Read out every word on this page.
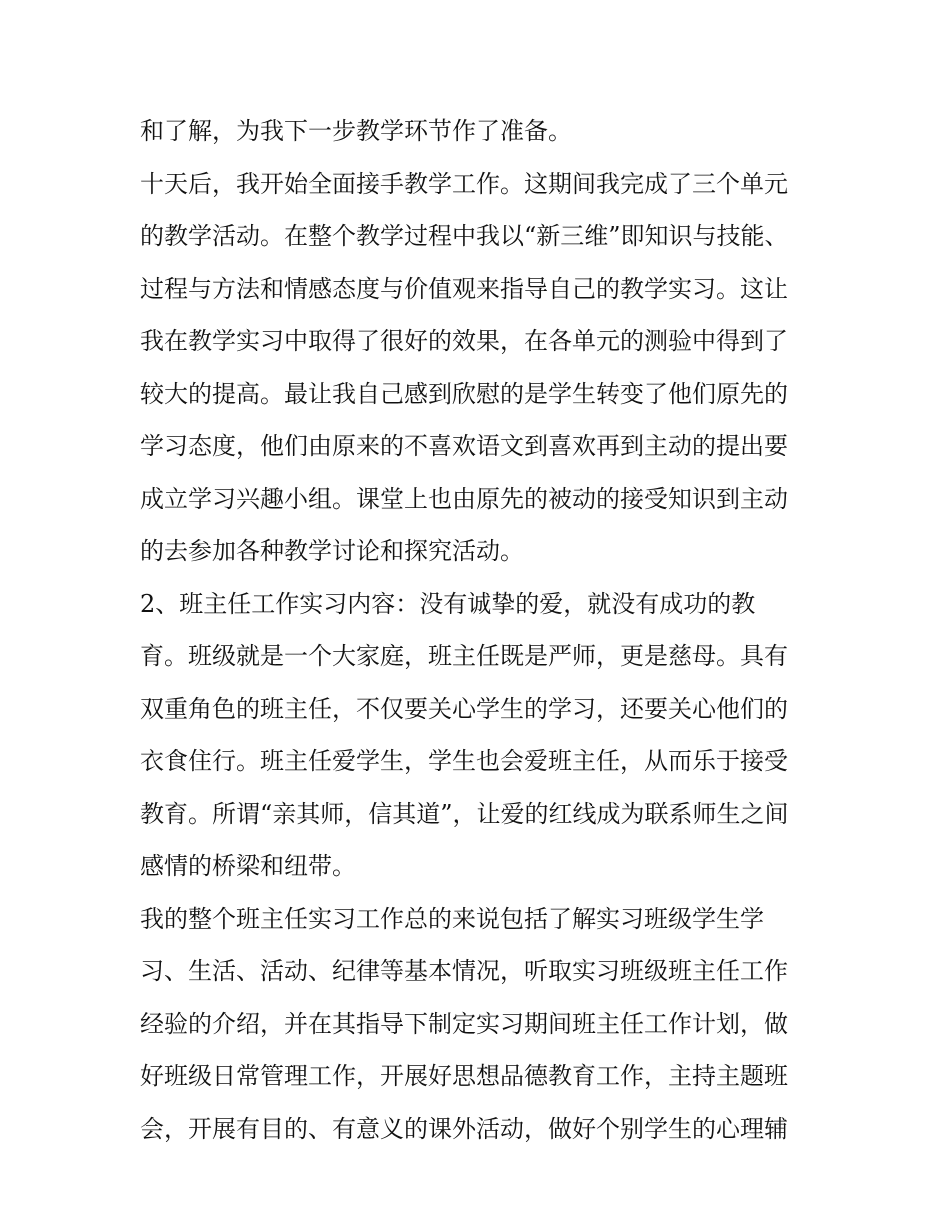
和了解，为我下一步教学环节作了准备。
十天后，我开始全面接手教学工作。这期间我完成了三个单元
的教学活动。在整个教学过程中我以“新三维”即知识与技能、
过程与方法和情感态度与价值观来指导自己的教学实习。这让
我在教学实习中取得了很好的效果，在各单元的测验中得到了
较大的提高。最让我自己感到欣慰的是学生转变了他们原先的
学习态度，他们由原来的不喜欢语文到喜欢再到主动的提出要
成立学习兴趣小组。课堂上也由原先的被动的接受知识到主动
的去参加各种教学讨论和探究活动。
2、班主任工作实习内容：没有诚挚的爱，就没有成功的教
育。班级就是一个大家庭，班主任既是严师，更是慈母。具有
双重角色的班主任，不仅要关心学生的学习，还要关心他们的
衣食住行。班主任爱学生，学生也会爱班主任，从而乐于接受
教育。所谓“亲其师，信其道”，让爱的红线成为联系师生之间
感情的桥梁和纽带。
我的整个班主任实习工作总的来说包括了解实习班级学生学
习、生活、活动、纪律等基本情况，听取实习班级班主任工作
经验的介绍，并在其指导下制定实习期间班主任工作计划，做
好班级日常管理工作，开展好思想品德教育工作，主持主题班
会，开展有目的、有意义的课外活动，做好个别学生的心理辅
